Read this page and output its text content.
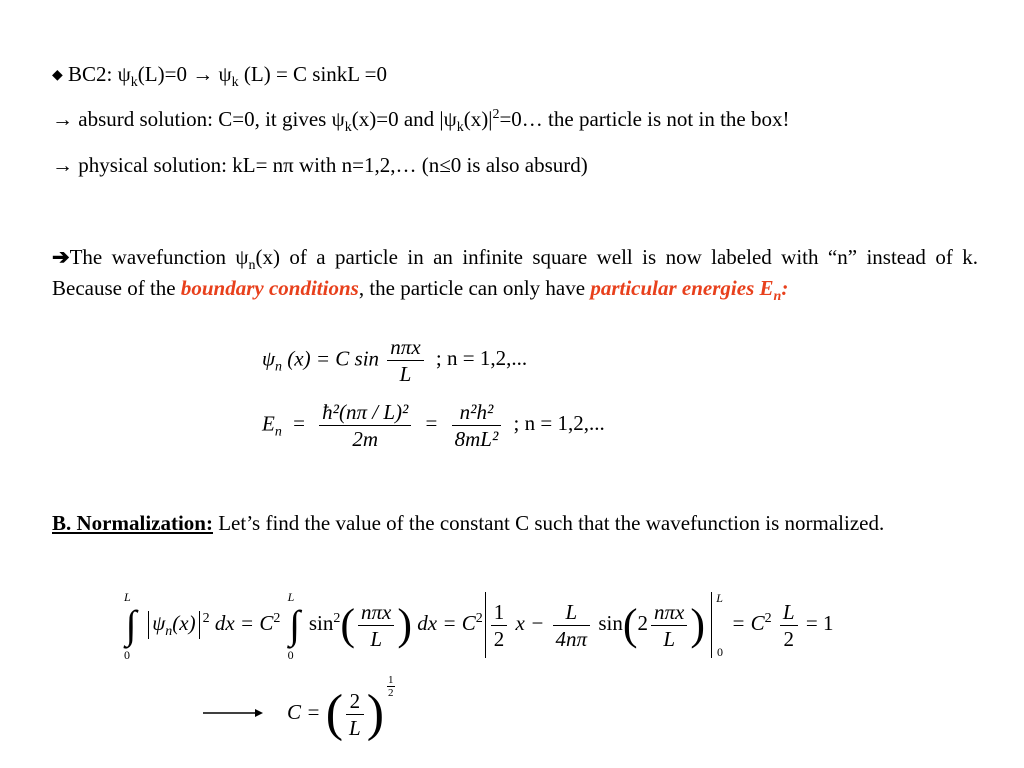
◆ BC2: $\psi_k(L)=0 \to \psi_k$ (L) = C sinkL =0
→ absurd solution: C=0, it gives $\psi_k(x)=0$ and $|\psi_k(x)|^2=0\dots$ the particle is not in the box!
→ physical solution: kL= nπ with n=1,2,… (n≤0 is also absurd)
➔The wavefunction $\psi_n(x)$ of a particle in an infinite square well is now labeled with “n” instead of k. Because of the boundary conditions, the particle can only have particular energies $E_n$:
$\psi_n$ (x) = C $\sin \frac{\text{nπx}}{L}$ ; n = 1,2,...
$E_n = \frac{\text{ħ²(nπ / L)²}}{2m} = \frac{\text{n²h²}}{\text{8mL²}}$ ; n = 1,2,...
B. Normalization: Let’s find the value of the constant C such that the wavefunction is normalized.
∫
L
0
$\psi_n(x)$ $^2$ dx = $C^2$ ∫
L
0
$\sin^2( \frac{\text{nπx}}{L}$ ) dx = $C^2 \frac{1}{2}$ $x - \frac{L}{4n\pi} \sin(2 \frac{\text{nπx}}{L}$ )
L
0
= $C^2 \frac{L}{2} = 1$
C = ( $\frac{2}{L}$ ) $\frac{1}{2}$
